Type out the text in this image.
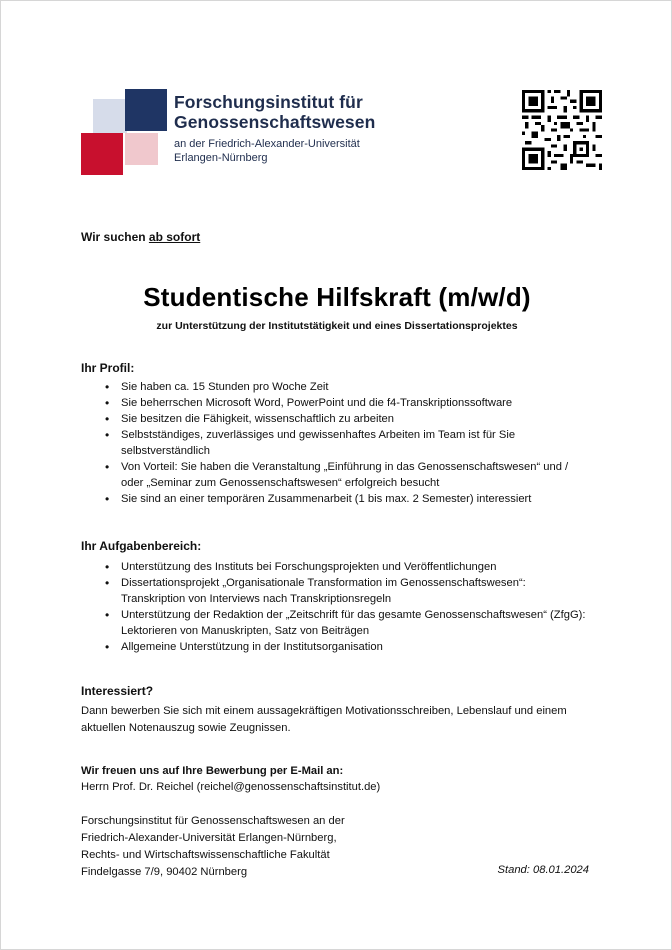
Forschungsinstitut für
Genossenschaftswesen
an der Friedrich-Alexander-Universität
Erlangen-Nürnberg
Wir suchen ab sofort
Studentische Hilfskraft (m/w/d)
zur Unterstützung der Institutstätigkeit und eines Dissertationsprojektes
Ihr Profil:
• Sie haben ca. 15 Stunden pro Woche Zeit
• Sie beherrschen Microsoft Word, PowerPoint und die f4-Transkriptionssoftware
• Sie besitzen die Fähigkeit, wissenschaftlich zu arbeiten
• Selbstständiges, zuverlässiges und gewissenhaftes Arbeiten im Team ist für Sie selbstverständlich
• Von Vorteil: Sie haben die Veranstaltung „Einführung in das Genossenschaftswesen“ und / oder „Seminar zum Genossenschaftswesen“ erfolgreich besucht
• Sie sind an einer temporären Zusammenarbeit (1 bis max. 2 Semester) interessiert
Ihr Aufgabenbereich:
• Unterstützung des Instituts bei Forschungsprojekten und Veröffentlichungen
• Dissertationsprojekt „Organisationale Transformation im Genossenschaftswesen“: Transkription von Interviews nach Transkriptionsregeln
• Unterstützung der Redaktion der „Zeitschrift für das gesamte Genossenschaftswesen“ (ZfgG): Lektorieren von Manuskripten, Satz von Beiträgen
• Allgemeine Unterstützung in der Institutsorganisation
Interessiert?
Dann bewerben Sie sich mit einem aussagekräftigen Motivationsschreiben, Lebenslauf und einem aktuellen Notenauszug sowie Zeugnissen.
Wir freuen uns auf Ihre Bewerbung per E-Mail an:
Herrn Prof. Dr. Reichel (reichel@genossenschaftsinstitut.de)
Forschungsinstitut für Genossenschaftswesen an der
Friedrich-Alexander-Universität Erlangen-Nürnberg,
Rechts- und Wirtschaftswissenschaftliche Fakultät
Findelgasse 7/9, 90402 Nürnberg	Stand: 08.01.2024
